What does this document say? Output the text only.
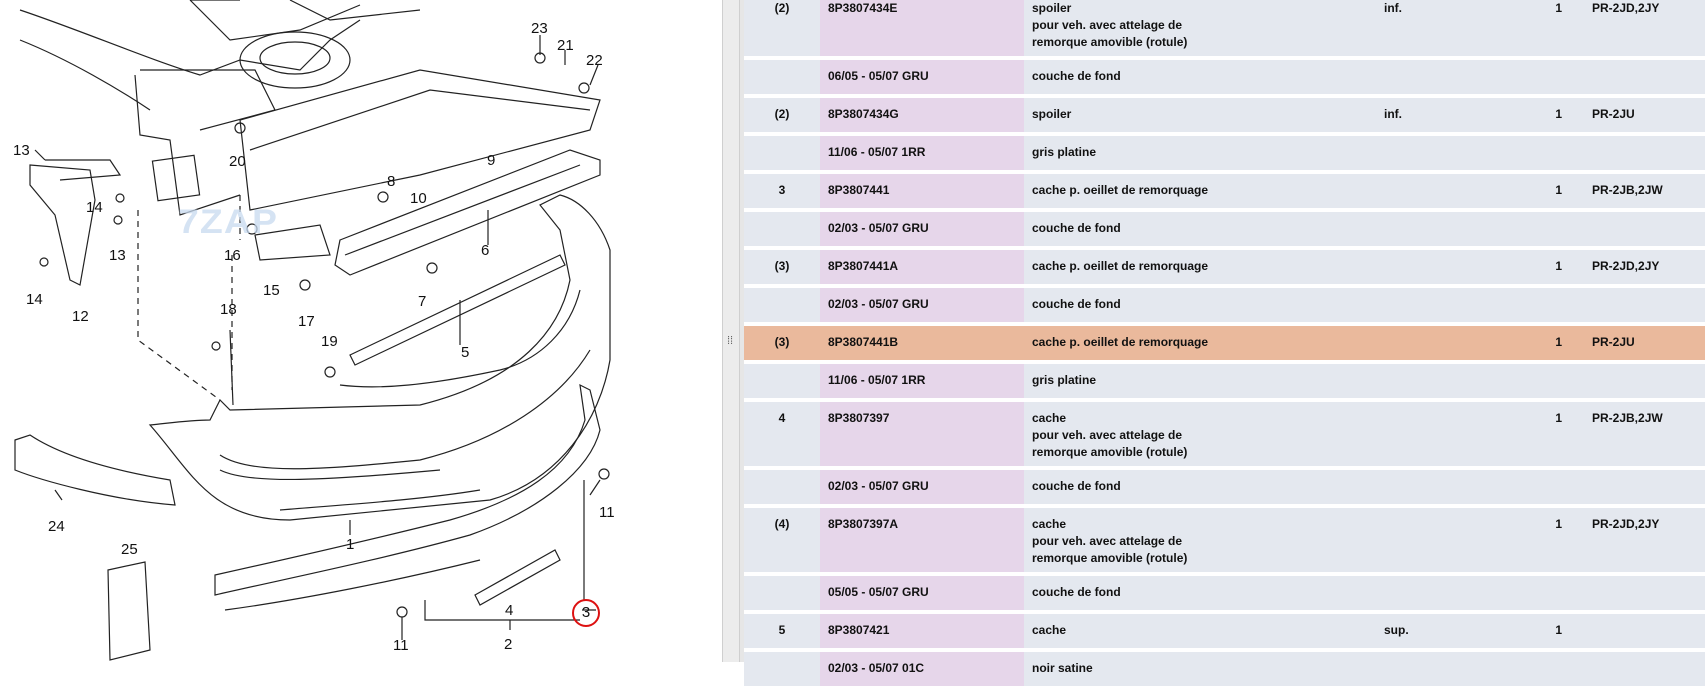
7ZAP
23
21
22
13
20
14
8
9
10
13	16	6
14
15
17
7
12	18
19
5
24
11
1
25
4	3
11	2
⁞⁞
(2)	8P3807434E	spoiler
pour veh. avec attelage de
remorque amovible (rotule)
inf.	1	PR-2JD,2JY
06/05 - 05/07 GRU	couche de fond
(2)	8P3807434G	spoiler	inf.	1	PR-2JU
11/06 - 05/07 1RR	gris platine
3	8P3807441	cache p. oeillet de remorquage	1	PR-2JB,2JW
02/03 - 05/07 GRU	couche de fond
(3)	8P3807441A	cache p. oeillet de remorquage	1	PR-2JD,2JY
02/03 - 05/07 GRU	couche de fond
(3)	8P3807441B	cache p. oeillet de remorquage	1	PR-2JU
11/06 - 05/07 1RR	gris platine
4	8P3807397	cache
pour veh. avec attelage de
remorque amovible (rotule)
1	PR-2JB,2JW
02/03 - 05/07 GRU	couche de fond
(4)	8P3807397A	cache
pour veh. avec attelage de
remorque amovible (rotule)
1	PR-2JD,2JY
05/05 - 05/07 GRU	couche de fond
5	8P3807421	cache	sup.	1
02/03 - 05/07 01C	noir satine
